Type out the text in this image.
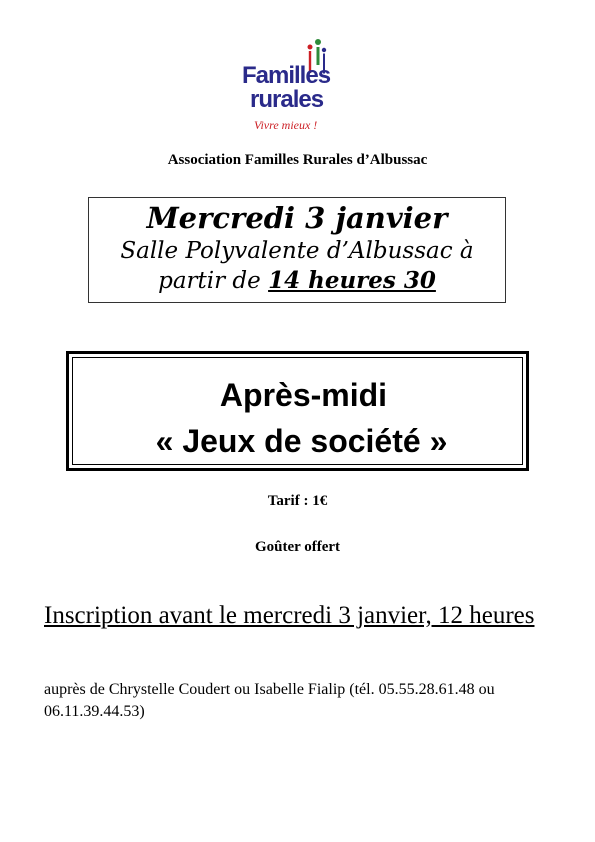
Familles
rurales
Vivre mieux !
Association Familles Rurales d’Albussac
Mercredi 3 janvier
Salle Polyvalente d’Albussac à
partir de 14 heures 30
Après-midi
« Jeux de société »
Tarif : 1€
Goûter offert
Inscription avant le mercredi 3 janvier, 12 heures
auprès de Chrystelle Coudert ou Isabelle Fialip (tél. 05.55.28.61.48 ou 06.11.39.44.53)
